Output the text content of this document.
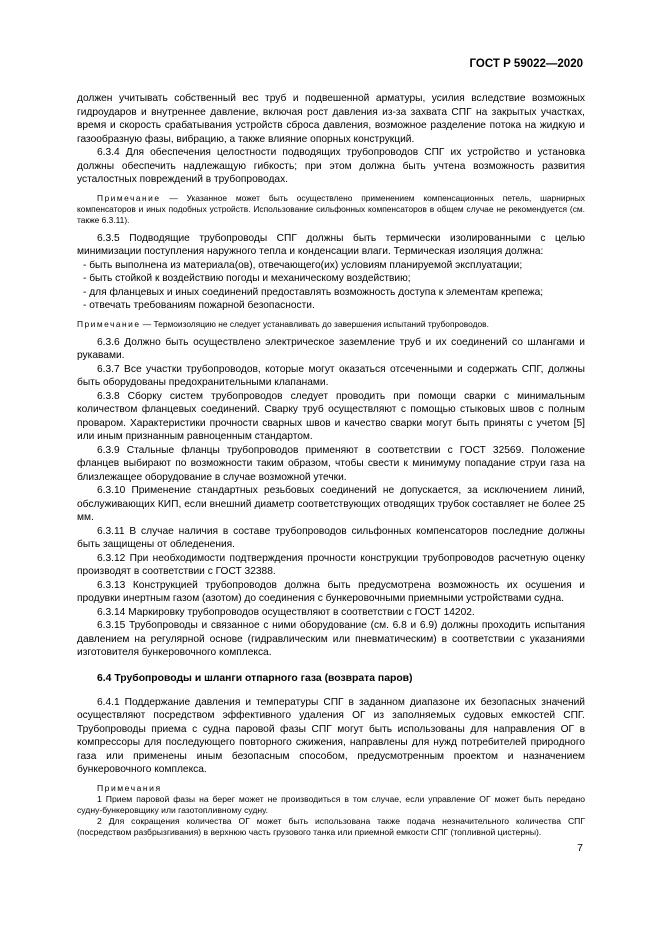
ГОСТ Р 59022—2020

должен учитывать собственный вес труб и подвешенной арматуры, усилия вследствие возможных гидроударов и внутреннее давление, включая рост давления из-за захвата СПГ на закрытых участках, время и скорость срабатывания устройств сброса давления, возможное разделение потока на жидкую и газообразную фазы, вибрацию, а также влияние опорных конструкций.

6.3.4 Для обеспечения целостности подводящих трубопроводов СПГ их устройство и установка должны обеспечить надлежащую гибкость; при этом должна быть учтена возможность развития усталостных повреждений в трубопроводах.

Примечание — Указанное может быть осуществлено применением компенсационных петель, шарнирных компенсаторов и иных подобных устройств. Использование сильфонных компенсаторов в общем случае не рекомендуется (см. также 6.3.11).

6.3.5 Подводящие трубопроводы СПГ должны быть термически изолированными с целью минимизации поступления наружного тепла и конденсации влаги. Термическая изоляция должна:

- быть выполнена из материала(ов), отвечающего(их) условиям планируемой эксплуатации;
- быть стойкой к воздействию погоды и механическому воздействию;
- для фланцевых и иных соединений предоставлять возможность доступа к элементам крепежа;
- отвечать требованиям пожарной безопасности.
Примечание — Термоизоляцию не следует устанавливать до завершения испытаний трубопроводов.

6.3.6 Должно быть осуществлено электрическое заземление труб и их соединений со шлангами и рукавами.

6.3.7 Все участки трубопроводов, которые могут оказаться отсеченными и содержать СПГ, должны быть оборудованы предохранительными клапанами.

6.3.8 Сборку систем трубопроводов следует проводить при помощи сварки с минимальным количеством фланцевых соединений. Сварку труб осуществляют с помощью стыковых швов с полным проваром. Характеристики прочности сварных швов и качество сварки могут быть приняты с учетом [5] или иным признанным равноценным стандартом.

6.3.9 Стальные фланцы трубопроводов применяют в соответствии с ГОСТ 32569. Положение фланцев выбирают по возможности таким образом, чтобы свести к минимуму попадание струи газа на близлежащее оборудование в случае возможной утечки.

6.3.10 Применение стандартных резьбовых соединений не допускается, за исключением линий, обслуживающих КИП, если внешний диаметр соответствующих отводящих трубок составляет не более 25 мм.

6.3.11 В случае наличия в составе трубопроводов сильфонных компенсаторов последние должны быть защищены от обледенения.

6.3.12 При необходимости подтверждения прочности конструкции трубопроводов расчетную оценку производят в соответствии с ГОСТ 32388.

6.3.13 Конструкцией трубопроводов должна быть предусмотрена возможность их осушения и продувки инертным газом (азотом) до соединения с бункеровочными приемными устройствами судна.

6.3.14 Маркировку трубопроводов осуществляют в соответствии с ГОСТ 14202.

6.3.15 Трубопроводы и связанное с ними оборудование (см. 6.8 и 6.9) должны проходить испытания давлением на регулярной основе (гидравлическим или пневматическим) в соответствии с указаниями изготовителя бункеровочного комплекса.

6.4 Трубопроводы и шланги отпарного газа (возврата паров)

6.4.1 Поддержание давления и температуры СПГ в заданном диапазоне их безопасных значений осуществляют посредством эффективного удаления ОГ из заполняемых судовых емкостей СПГ. Трубопроводы приема с судна паровой фазы СПГ могут быть использованы для направления ОГ в компрессоры для последующего повторного сжижения, направлены для нужд потребителей природного газа или применены иным безопасным способом, предусмотренным проектом и назначением бункеровочного комплекса.

Примечания

1 Прием паровой фазы на берег может не производиться в том случае, если управление ОГ может быть передано судну-бункеровщику или газотопливному судну.

2 Для сокращения количества ОГ может быть использована также подача незначительного количества СПГ (посредством разбрызгивания) в верхнюю часть грузового танка или приемной емкости СПГ (топливной цистерны).

7
